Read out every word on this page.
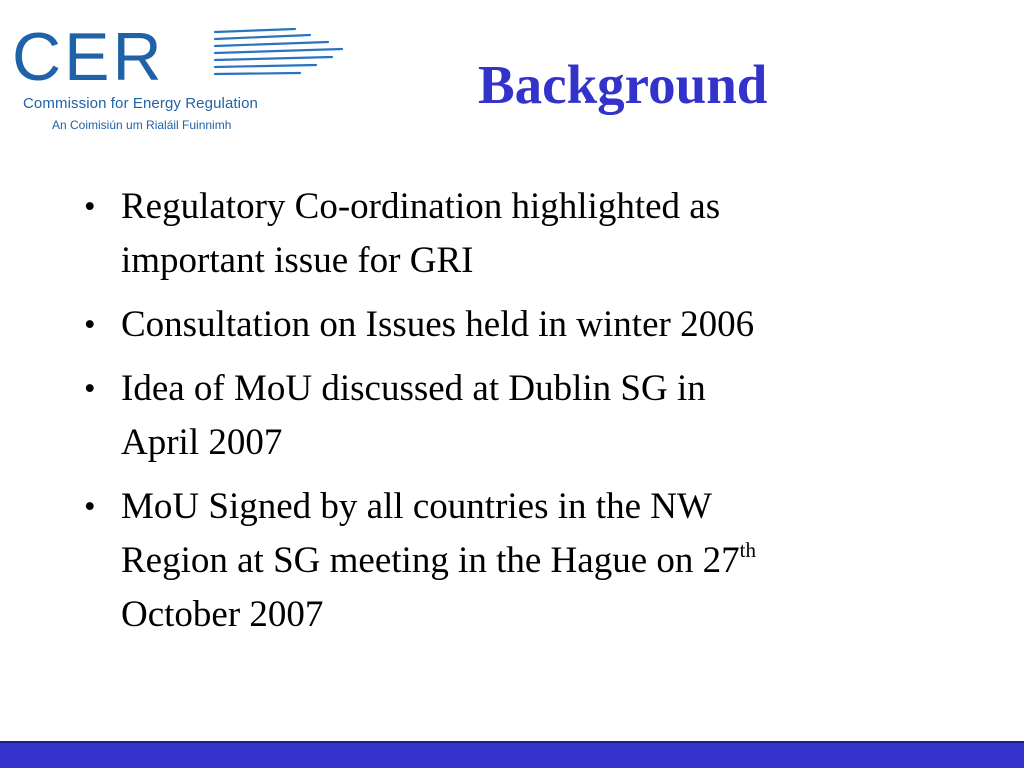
CER
Commission for Energy Regulation
An Coimisiún um Rialáil Fuinnimh
Background
• Regulatory Co-ordination highlighted as
important issue for GRI
• Consultation on Issues held in winter 2006
• Idea of MoU discussed at Dublin SG in
April 2007
• MoU Signed by all countries in the NW
Region at SG meeting in the Hague on 27th
October 2007
